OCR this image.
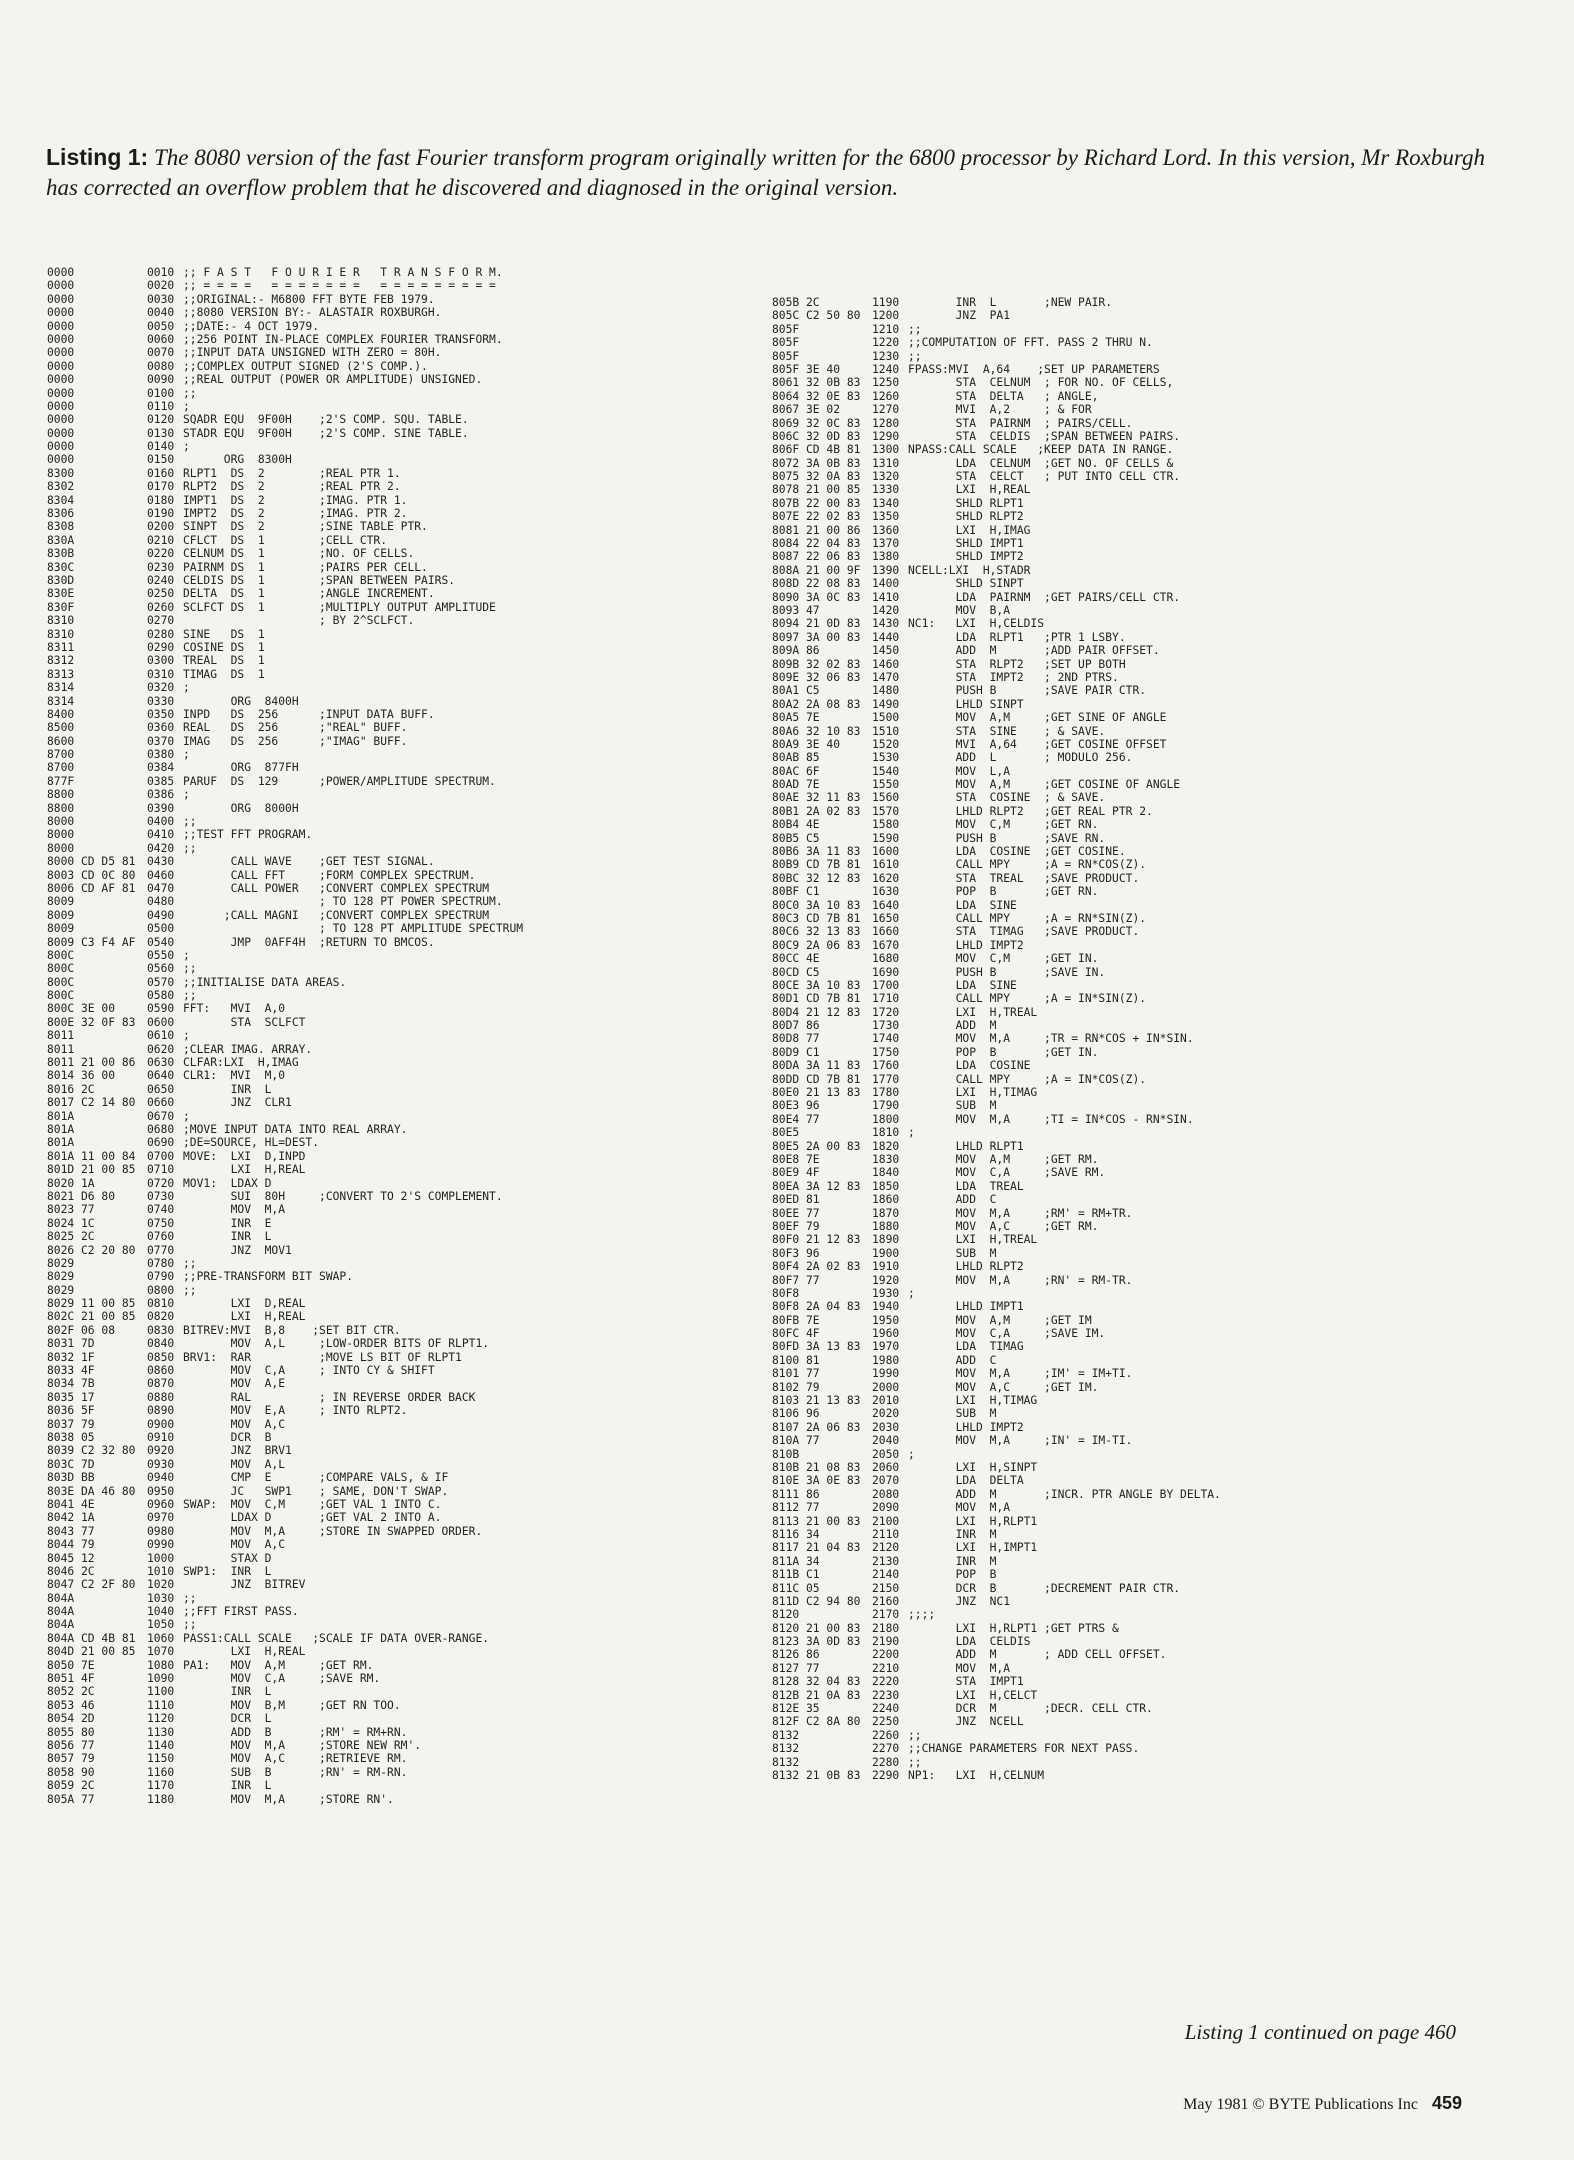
Listing 1: The 8080 version of the fast Fourier transform program originally written for the 6800 processor by Richard Lord. In this version, Mr Roxburgh has corrected an overflow problem that he discovered and diagnosed in the original version.
0000	0010 ;; F A S T   F O U R I E R   T R A N S F O R M.
0000	0020 ;; = = = =   = = = = = = =   = = = = = = = = =
0000	0030 ;;ORIGINAL:- M6800 FFT BYTE FEB 1979.
0000	0040 ;;8080 VERSION BY:- ALASTAIR ROXBURGH.
0000	0050 ;;DATE:- 4 OCT 1979.
0000	0060 ;;256 POINT IN-PLACE COMPLEX FOURIER TRANSFORM.
0000	0070 ;;INPUT DATA UNSIGNED WITH ZERO = 80H.
0000	0080 ;;COMPLEX OUTPUT SIGNED (2'S COMP.).
0000	0090 ;;REAL OUTPUT (POWER OR AMPLITUDE) UNSIGNED.
0000	0100 ;;
0000	0110 ;
0000	0120 SQADR EQU  9F00H    ;2'S COMP. SQU. TABLE.
0000	0130 STADR EQU  9F00H    ;2'S COMP. SINE TABLE.
0000	0140 ;
0000	0150      ORG  8300H
8300	0160 RLPT1  DS  2        ;REAL PTR 1.
8302	0170 RLPT2  DS  2        ;REAL PTR 2.
8304	0180 IMPT1  DS  2        ;IMAG. PTR 1.
8306	0190 IMPT2  DS  2        ;IMAG. PTR 2.
8308	0200 SINPT  DS  2        ;SINE TABLE PTR.
830A	0210 CFLCT  DS  1        ;CELL CTR.
830B	0220 CELNUM DS  1        ;NO. OF CELLS.
830C	0230 PAIRNM DS  1        ;PAIRS PER CELL.
830D	0240 CELDIS DS  1        ;SPAN BETWEEN PAIRS.
830E	0250 DELTA  DS  1        ;ANGLE INCREMENT.
830F	0260 SCLFCT DS  1        ;MULTIPLY OUTPUT AMPLITUDE
8310	0270                    ; BY 2^SCLFCT.
8310	0280 SINE   DS  1
8311	0290 COSINE DS  1
8312	0300 TREAL  DS  1
8313	0310 TIMAG  DS  1
8314	0320 ;
8314	0330       ORG  8400H
8400	0350 INPD   DS  256      ;INPUT DATA BUFF.
8500	0360 REAL   DS  256      ;"REAL" BUFF.
8600	0370 IMAG   DS  256      ;"IMAG" BUFF.
8700	0380 ;
8700	0384       ORG  877FH
877F	0385 PARUF  DS  129      ;POWER/AMPLITUDE SPECTRUM.
8800	0386 ;
8800	0390       ORG  8000H
8000	0400 ;;
8000	0410 ;;TEST FFT PROGRAM.
8000	0420 ;;
8000 CD D5 81 0430       CALL WAVE    ;GET TEST SIGNAL.
8003 CD 0C 80 0460       CALL FFT     ;FORM COMPLEX SPECTRUM.
8006 CD AF 81 0470       CALL POWER   ;CONVERT COMPLEX SPECTRUM
8009	0480                    ; TO 128 PT POWER SPECTRUM.
8009	0490      ;CALL MAGNI   ;CONVERT COMPLEX SPECTRUM
8009	0500                    ; TO 128 PT AMPLITUDE SPECTRUM
8009 C3 F4 AF 0540       JMP  0AFF4H  ;RETURN TO BMCOS.
800C	0550 ;
800C	0560 ;;
800C	0570 ;;INITIALISE DATA AREAS.
800C	0580 ;;
800C 3E 00	0590 FFT:   MVI  A,0
800E 32 0F 83 0600       STA  SCLFCT
8011	0610 ;
8011	0620 ;CLEAR IMAG. ARRAY.
8011 21 00 86 0630 CLFAR:LXI  H,IMAG
8014 36 00	0640 CLR1:  MVI  M,0
8016 2C	0650       INR  L
8017 C2 14 80 0660       JNZ  CLR1
801A	0670 ;
801A	0680 ;MOVE INPUT DATA INTO REAL ARRAY.
801A	0690 ;DE=SOURCE, HL=DEST.
801A 11 00 84 0700 MOVE:  LXI  D,INPD
801D 21 00 85 0710       LXI  H,REAL
8020 1A	0720 MOV1:  LDAX D
8021 D6 80	0730       SUI  80H     ;CONVERT TO 2'S COMPLEMENT.
8023 77	0740       MOV  M,A
8024 1C	0750       INR  E
8025 2C	0760       INR  L
8026 C2 20 80 0770       JNZ  MOV1
8029	0780 ;;
8029	0790 ;;PRE-TRANSFORM BIT SWAP.
8029	0800 ;;
8029 11 00 85 0810       LXI  D,REAL
802C 21 00 85 0820       LXI  H,REAL
802F 06 08	0830 BITREV:MVI  B,8    ;SET BIT CTR.
8031 7D	0840       MOV  A,L     ;LOW-ORDER BITS OF RLPT1.
8032 1F	0850 BRV1:  RAR          ;MOVE LS BIT OF RLPT1
8033 4F	0860       MOV  C,A     ; INTO CY & SHIFT
8034 7B	0870       MOV  A,E
8035 17	0880       RAL          ; IN REVERSE ORDER BACK
8036 5F	0890       MOV  E,A     ; INTO RLPT2.
8037 79	0900       MOV  A,C
8038 05	0910       DCR  B
8039 C2 32 80 0920       JNZ  BRV1
803C 7D	0930       MOV  A,L
803D BB	0940       CMP  E       ;COMPARE VALS, & IF
803E DA 46 80 0950       JC   SWP1    ; SAME, DON'T SWAP.
8041 4E	0960 SWAP:  MOV  C,M     ;GET VAL 1 INTO C.
8042 1A	0970       LDAX D       ;GET VAL 2 INTO A.
8043 77	0980       MOV  M,A     ;STORE IN SWAPPED ORDER.
8044 79	0990       MOV  A,C
8045 12	1000       STAX D
8046 2C	1010 SWP1:  INR  L
8047 C2 2F 80 1020       JNZ  BITREV
804A	1030 ;;
804A	1040 ;;FFT FIRST PASS.
804A	1050 ;;
804A CD 4B 81 1060 PASS1:CALL SCALE   ;SCALE IF DATA OVER-RANGE.
804D 21 00 85 1070       LXI  H,REAL
8050 7E	1080 PA1:   MOV  A,M     ;GET RM.
8051 4F	1090       MOV  C,A     ;SAVE RM.
8052 2C	1100       INR  L
8053 46	1110       MOV  B,M     ;GET RN TOO.
8054 2D	1120       DCR  L
8055 80	1130       ADD  B       ;RM' = RM+RN.
8056 77	1140       MOV  M,A     ;STORE NEW RM'.
8057 79	1150       MOV  A,C     ;RETRIEVE RM.
8058 90	1160       SUB  B       ;RN' = RM-RN.
8059 2C	1170       INR  L
805A 77	1180       MOV  M,A     ;STORE RN'.
805B 2C	1190       INR  L       ;NEW PAIR.
805C C2 50 80 1200       JNZ  PA1
805F	1210 ;;
805F	1220 ;;COMPUTATION OF FFT. PASS 2 THRU N.
805F	1230 ;;
805F 3E 40	1240 FPASS:MVI  A,64    ;SET UP PARAMETERS
8061 32 0B 83 1250       STA  CELNUM  ; FOR NO. OF CELLS,
8064 32 0E 83 1260       STA  DELTA   ; ANGLE,
8067 3E 02	1270       MVI  A,2     ; & FOR
8069 32 0C 83 1280       STA  PAIRNM  ; PAIRS/CELL.
806C 32 0D 83 1290       STA  CELDIS  ;SPAN BETWEEN PAIRS.
806F CD 4B 81 1300 NPASS:CALL SCALE   ;KEEP DATA IN RANGE.
8072 3A 0B 83 1310       LDA  CELNUM  ;GET NO. OF CELLS &
8075 32 0A 83 1320       STA  CELCT   ; PUT INTO CELL CTR.
8078 21 00 85 1330       LXI  H,REAL
807B 22 00 83 1340       SHLD RLPT1
807E 22 02 83 1350       SHLD RLPT2
8081 21 00 86 1360       LXI  H,IMAG
8084 22 04 83 1370       SHLD IMPT1
8087 22 06 83 1380       SHLD IMPT2
808A 21 00 9F 1390 NCELL:LXI  H,STADR
808D 22 08 83 1400       SHLD SINPT
8090 3A 0C 83 1410       LDA  PAIRNM  ;GET PAIRS/CELL CTR.
8093 47	1420       MOV  B,A
8094 21 0D 83 1430 NC1:   LXI  H,CELDIS
8097 3A 00 83 1440       LDA  RLPT1   ;PTR 1 LSBY.
809A 86	1450       ADD  M       ;ADD PAIR OFFSET.
809B 32 02 83 1460       STA  RLPT2   ;SET UP BOTH
809E 32 06 83 1470       STA  IMPT2   ; 2ND PTRS.
80A1 C5	1480       PUSH B       ;SAVE PAIR CTR.
80A2 2A 08 83 1490       LHLD SINPT
80A5 7E	1500       MOV  A,M     ;GET SINE OF ANGLE
80A6 32 10 83 1510       STA  SINE    ; & SAVE.
80A9 3E 40	1520       MVI  A,64    ;GET COSINE OFFSET
80AB 85	1530       ADD  L       ; MODULO 256.
80AC 6F	1540       MOV  L,A
80AD 7E	1550       MOV  A,M     ;GET COSINE OF ANGLE
80AE 32 11 83 1560       STA  COSINE  ; & SAVE.
80B1 2A 02 83 1570       LHLD RLPT2   ;GET REAL PTR 2.
80B4 4E	1580       MOV  C,M     ;GET RN.
80B5 C5	1590       PUSH B       ;SAVE RN.
80B6 3A 11 83 1600       LDA  COSINE  ;GET COSINE.
80B9 CD 7B 81 1610       CALL MPY     ;A = RN*COS(Z).
80BC 32 12 83 1620       STA  TREAL   ;SAVE PRODUCT.
80BF C1	1630       POP  B       ;GET RN.
80C0 3A 10 83 1640       LDA  SINE
80C3 CD 7B 81 1650       CALL MPY     ;A = RN*SIN(Z).
80C6 32 13 83 1660       STA  TIMAG   ;SAVE PRODUCT.
80C9 2A 06 83 1670       LHLD IMPT2
80CC 4E	1680       MOV  C,M     ;GET IN.
80CD C5	1690       PUSH B       ;SAVE IN.
80CE 3A 10 83 1700       LDA  SINE
80D1 CD 7B 81 1710       CALL MPY     ;A = IN*SIN(Z).
80D4 21 12 83 1720       LXI  H,TREAL
80D7 86	1730       ADD  M
80D8 77	1740       MOV  M,A     ;TR = RN*COS + IN*SIN.
80D9 C1	1750       POP  B       ;GET IN.
80DA 3A 11 83 1760       LDA  COSINE
80DD CD 7B 81 1770       CALL MPY     ;A = IN*COS(Z).
80E0 21 13 83 1780       LXI  H,TIMAG
80E3 96	1790       SUB  M
80E4 77	1800       MOV  M,A     ;TI = IN*COS - RN*SIN.
80E5	1810 ;
80E5 2A 00 83 1820       LHLD RLPT1
80E8 7E	1830       MOV  A,M     ;GET RM.
80E9 4F	1840       MOV  C,A     ;SAVE RM.
80EA 3A 12 83 1850       LDA  TREAL
80ED 81	1860       ADD  C
80EE 77	1870       MOV  M,A     ;RM' = RM+TR.
80EF 79	1880       MOV  A,C     ;GET RM.
80F0 21 12 83 1890       LXI  H,TREAL
80F3 96	1900       SUB  M
80F4 2A 02 83 1910       LHLD RLPT2
80F7 77	1920       MOV  M,A     ;RN' = RM-TR.
80F8	1930 ;
80F8 2A 04 83 1940       LHLD IMPT1
80FB 7E	1950       MOV  A,M     ;GET IM
80FC 4F	1960       MOV  C,A     ;SAVE IM.
80FD 3A 13 83 1970       LDA  TIMAG
8100 81	1980       ADD  C
8101 77	1990       MOV  M,A     ;IM' = IM+TI.
8102 79	2000       MOV  A,C     ;GET IM.
8103 21 13 83 2010       LXI  H,TIMAG
8106 96	2020       SUB  M
8107 2A 06 83 2030       LHLD IMPT2
810A 77	2040       MOV  M,A     ;IN' = IM-TI.
810B	2050 ;
810B 21 08 83 2060       LXI  H,SINPT
810E 3A 0E 83 2070       LDA  DELTA
8111 86	2080       ADD  M       ;INCR. PTR ANGLE BY DELTA.
8112 77	2090       MOV  M,A
8113 21 00 83 2100       LXI  H,RLPT1
8116 34	2110       INR  M
8117 21 04 83 2120       LXI  H,IMPT1
811A 34	2130       INR  M
811B C1	2140       POP  B
811C 05	2150       DCR  B       ;DECREMENT PAIR CTR.
811D C2 94 80 2160       JNZ  NC1
8120	2170 ;;;;
8120 21 00 83 2180       LXI  H,RLPT1 ;GET PTRS &
8123 3A 0D 83 2190       LDA  CELDIS
8126 86	2200       ADD  M       ; ADD CELL OFFSET.
8127 77	2210       MOV  M,A
8128 32 04 83 2220       STA  IMPT1
812B 21 0A 83 2230       LXI  H,CELCT
812E 35	2240       DCR  M       ;DECR. CELL CTR.
812F C2 8A 80 2250       JNZ  NCELL
8132	2260 ;;
8132	2270 ;;CHANGE PARAMETERS FOR NEXT PASS.
8132	2280 ;;
8132 21 0B 83 2290 NP1:   LXI  H,CELNUM
Listing 1 continued on page 460
May 1981 © BYTE Publications Inc 459
